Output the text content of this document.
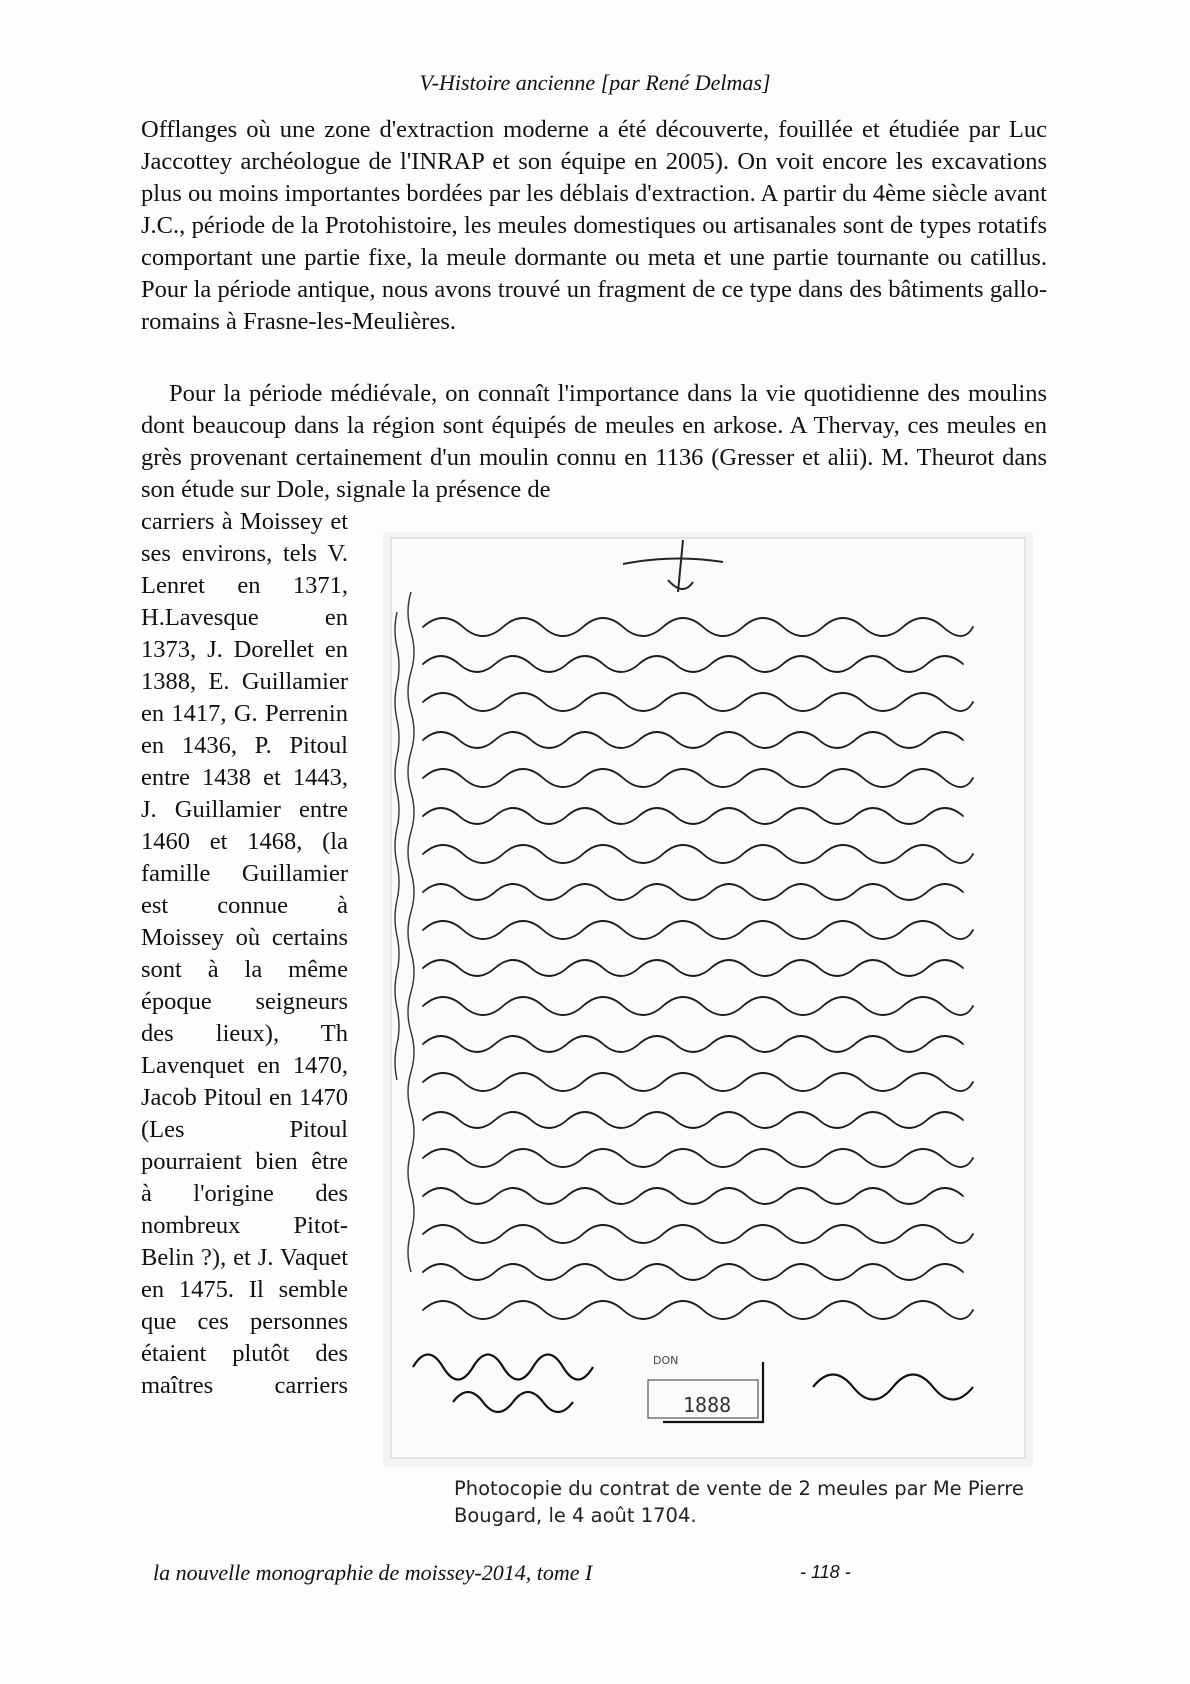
V-Histoire ancienne [par René Delmas]

Offlanges où une zone d'extraction moderne a été découverte, fouillée et étudiée par Luc Jaccottey archéologue de l'INRAP et son équipe en 2005). On voit encore les excavations plus ou moins importantes bordées par les déblais d'extraction. A partir du 4ème siècle avant J.C., période de la Protohistoire, les meules domestiques ou artisanales sont de types rotatifs comportant une partie fixe, la meule dormante ou meta et une partie tournante ou catillus. Pour la période antique, nous avons trouvé un fragment de ce type dans des bâtiments gallo-romains à Frasne-les-Meulières.

Pour la période médiévale, on connaît l'importance dans la vie quotidienne des moulins dont beaucoup dans la région sont équipés de meules en arkose. A Thervay, ces meules en grès provenant certainement d'un moulin connu en 1136 (Gresser et alii). M. Theurot dans son étude sur Dole, signale la présence de

carriers à Moissey et ses environs, tels V. Lenret en 1371, H.Lavesque en 1373, J. Dorellet en 1388, E. Guillamier en 1417, G. Perrenin en 1436, P. Pitoul entre 1438 et 1443, J. Guillamier entre 1460 et 1468, (la famille Guillamier est connue à Moissey où certains sont à la même époque seigneurs des lieux), Th Lavenquet en 1470, Jacob Pitoul en 1470 (Les Pitoul pourraient bien être à l'origine des nombreux Pitot-Belin ?), et J. Vaquet en 1475. Il semble que ces personnes étaient plutôt des maîtres carriers

1888
DON

Photocopie du contrat de vente de 2 meules par Me Pierre Bougard, le 4 août 1704.

la nouvelle monographie de moissey-2014, tome I	- 118 -
